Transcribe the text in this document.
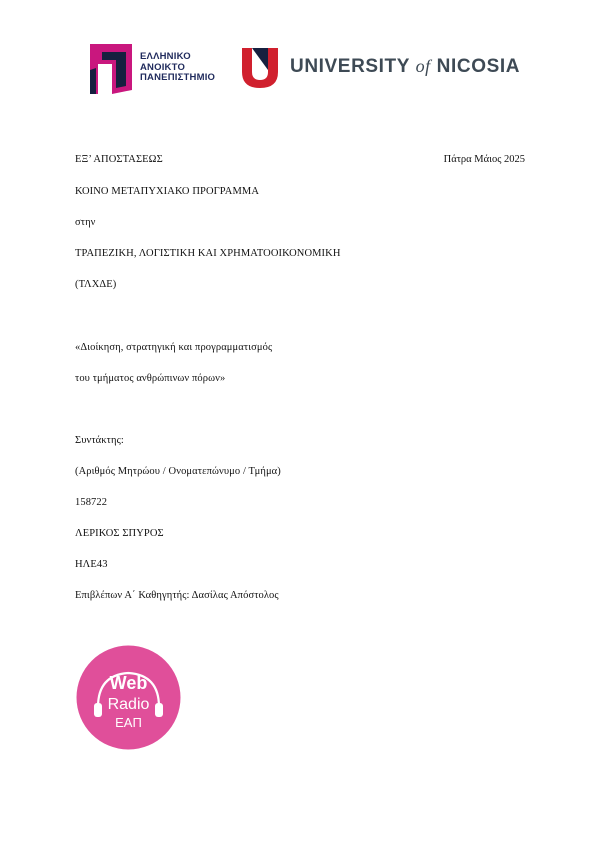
ΕΛΛΗΝΙΚΟ
ΑΝΟΙΚΤΟ
ΠΑΝΕΠΙΣΤΗΜΙΟ
UNIVERSITY of NICOSIA
ΕΞ’ ΑΠΟΣΤΑΣΕΩΣ	Πάτρα Μάιος 2025
ΚΟΙΝΟ ΜΕΤΑΠΥΧΙΑΚΟ ΠΡΟΓΡΑΜΜΑ
στην
ΤΡΑΠΕΖΙΚΗ, ΛΟΓΙΣΤΙΚΗ ΚΑΙ ΧΡΗΜΑΤΟΟΙΚΟΝΟΜΙΚΗ
(ΤΛΧΔΕ)
«Διοίκηση, στρατηγική και προγραμματισμός
του τμήματος ανθρώπινων πόρων»
Συντάκτης:
(Αριθμός Μητρώου / Ονοματεπώνυμο / Τμήμα)
158722
ΛΕΡΙΚΟΣ ΣΠΥΡΟΣ
ΗΛΕ43
Επιβλέπων Α΄ Καθηγητής: Δασίλας Απόστολος
Web
Radio
ΕΑΠ
